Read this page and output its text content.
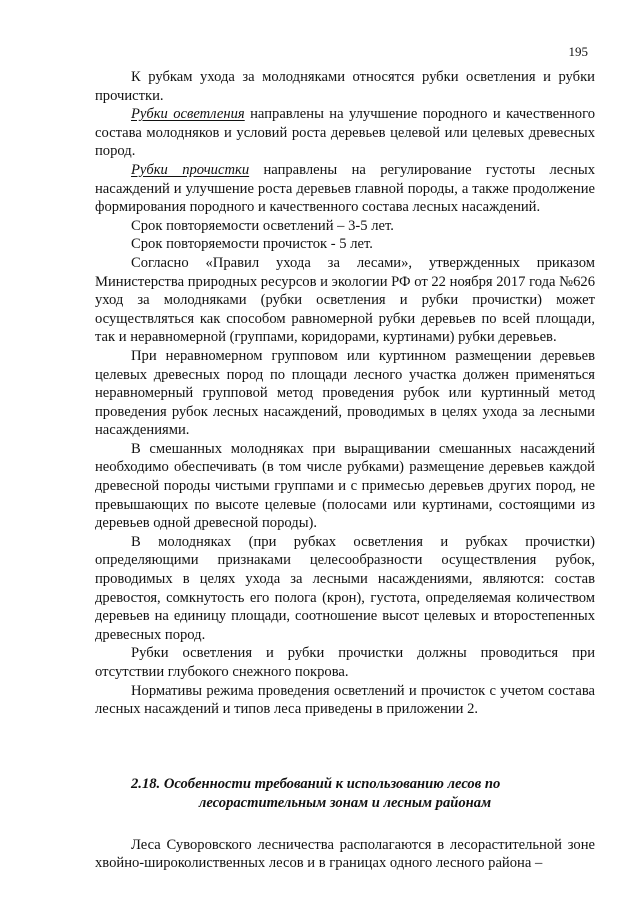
195

К рубкам ухода за молодняками относятся рубки осветления и рубки прочистки.

Рубки осветления направлены на улучшение породного и качественного состава молодняков и условий роста деревьев целевой или целевых древесных пород.

Рубки прочистки направлены на регулирование густоты лесных насаждений и улучшение роста деревьев главной породы, а также продолжение формирования породного и качественного состава лесных насаждений.

Срок повторяемости осветлений – 3-5 лет.

Срок повторяемости прочисток - 5 лет.

Согласно «Правил ухода за лесами», утвержденных приказом Министерства природных ресурсов и экологии РФ от 22 ноября 2017 года №626 уход за молодняками (рубки осветления и рубки прочистки) может осуществляться как способом равномерной рубки деревьев по всей площади, так и неравномерной (группами, коридорами, куртинами) рубки деревьев.

При неравномерном групповом или куртинном размещении деревьев целевых древесных пород по площади лесного участка должен применяться неравномерный групповой метод проведения рубок или куртинный метод проведения рубок лесных насаждений, проводимых в целях ухода за лесными насаждениями.

В смешанных молодняках при выращивании смешанных насаждений необходимо обеспечивать (в том числе рубками) размещение деревьев каждой древесной породы чистыми группами и с примесью деревьев других пород, не превышающих по высоте целевые (полосами или куртинами, состоящими из деревьев одной древесной породы).

В молодняках (при рубках осветления и рубках прочистки) определяющими признаками целесообразности осуществления рубок, проводимых в целях ухода за лесными насаждениями, являются: состав древостоя, сомкнутость его полога (крон), густота, определяемая количеством деревьев на единицу площади, соотношение высот целевых и второстепенных древесных пород.

Рубки осветления и рубки прочистки должны проводиться при отсутствии глубокого снежного покрова.

Нормативы режима проведения осветлений и прочисток с учетом состава лесных насаждений и типов леса приведены в приложении 2.

2.18. Особенности требований к использованию лесов по
лесорастительным зонам и лесным районам

Леса Суворовского лесничества располагаются в лесорастительной зоне хвойно-широколиственных лесов и в границах одного лесного района –
